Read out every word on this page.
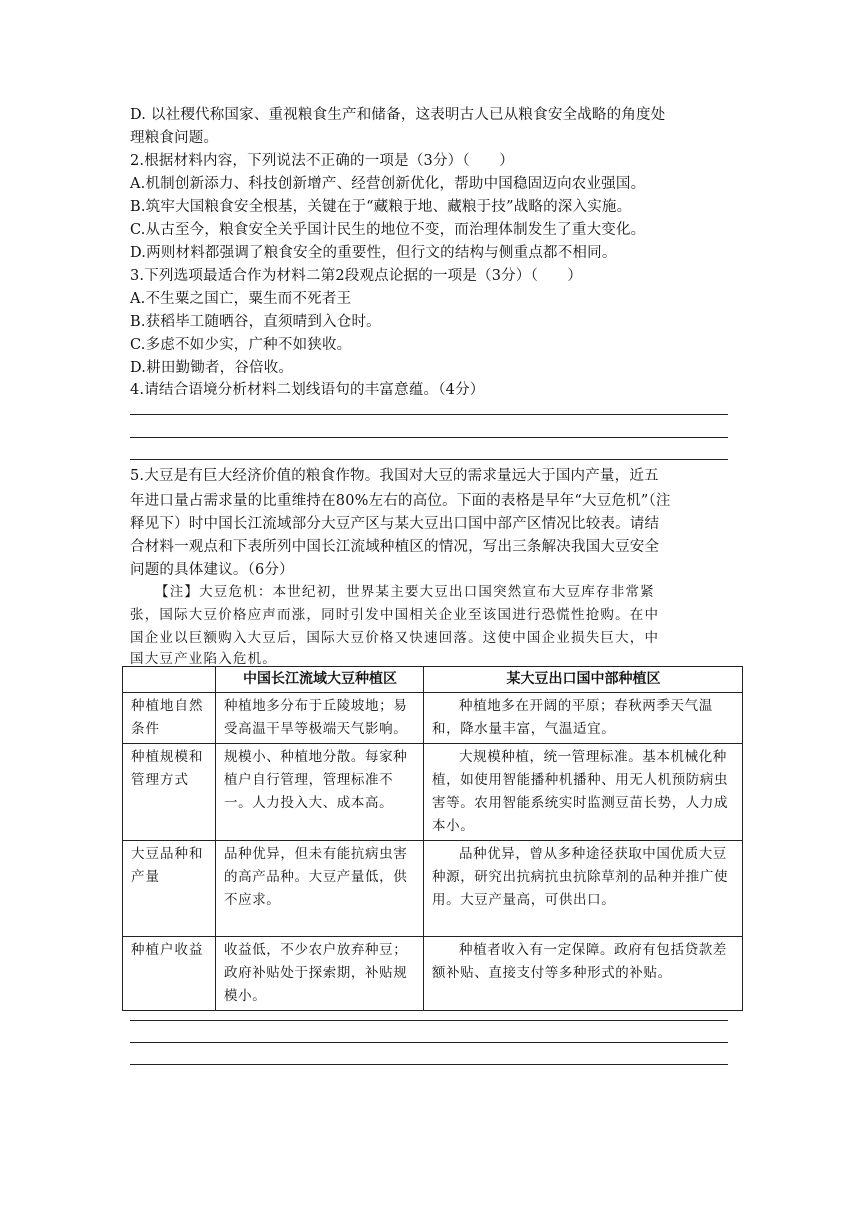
D. 以社稷代称国家、重视粮食生产和储备，这表明古人已从粮食安全战略的角度处
理粮食问题。
2.根据材料内容，下列说法不正确的一项是（3分）（　　）
A.机制创新添力、科技创新增产、经营创新优化，帮助中国稳固迈向农业强国。
B.筑牢大国粮食安全根基，关键在于“藏粮于地、藏粮于技”战略的深入实施。
C.从古至今，粮食安全关乎国计民生的地位不变，而治理体制发生了重大变化。
D.两则材料都强调了粮食安全的重要性，但行文的结构与侧重点都不相同。
3.下列选项最适合作为材料二第2段观点论据的一项是（3分）（　　）
A.不生粟之国亡，粟生而不死者王
B.获稻毕工随晒谷，直须晴到入仓时。
C.多虑不如少实，广种不如狭收。
D.耕田勤锄者，谷倍收。
4.请结合语境分析材料二划线语句的丰富意蕴。（4分）
5.大豆是有巨大经济价值的粮食作物。我国对大豆的需求量远大于国内产量，近五
年进口量占需求量的比重维持在80%左右的高位。下面的表格是早年“大豆危机”（注
释见下）时中国长江流域部分大豆产区与某大豆出口国中部产区情况比较表。请结
合材料一观点和下表所列中国长江流域种植区的情况，写出三条解决我国大豆安全
问题的具体建议。（6分）
【注】大豆危机：本世纪初，世界某主要大豆出口国突然宣布大豆库存非常紧
张，国际大豆价格应声而涨，同时引发中国相关企业至该国进行恐慌性抢购。在中
国企业以巨额购入大豆后，国际大豆价格又快速回落。这使中国企业损失巨大，中
国大豆产业陷入危机。
	中国长江流域大豆种植区	某大豆出口国中部种植区
种植地自然条件	种植地多分布于丘陵坡地；易受高温干旱等极端天气影响。	种植地多在开阔的平原；春秋两季天气温和，降水量丰富，气温适宜。
种植规模和管理方式	规模小、种植地分散。每家种植户自行管理，管理标准不一。人力投入大、成本高。	大规模种植，统一管理标准。基本机械化种植，如使用智能播种机播种、用无人机预防病虫害等。农用智能系统实时监测豆苗长势，人力成本小。
大豆品种和产量	品种优异，但未有能抗病虫害的高产品种。大豆产量低，供不应求。	品种优异，曾从多种途径获取中国优质大豆种源，研究出抗病抗虫抗除草剂的品种并推广使用。大豆产量高，可供出口。
种植户收益	收益低，不少农户放弃种豆；政府补贴处于探索期，补贴规模小。	种植者收入有一定保障。政府有包括贷款差额补贴、直接支付等多种形式的补贴。
